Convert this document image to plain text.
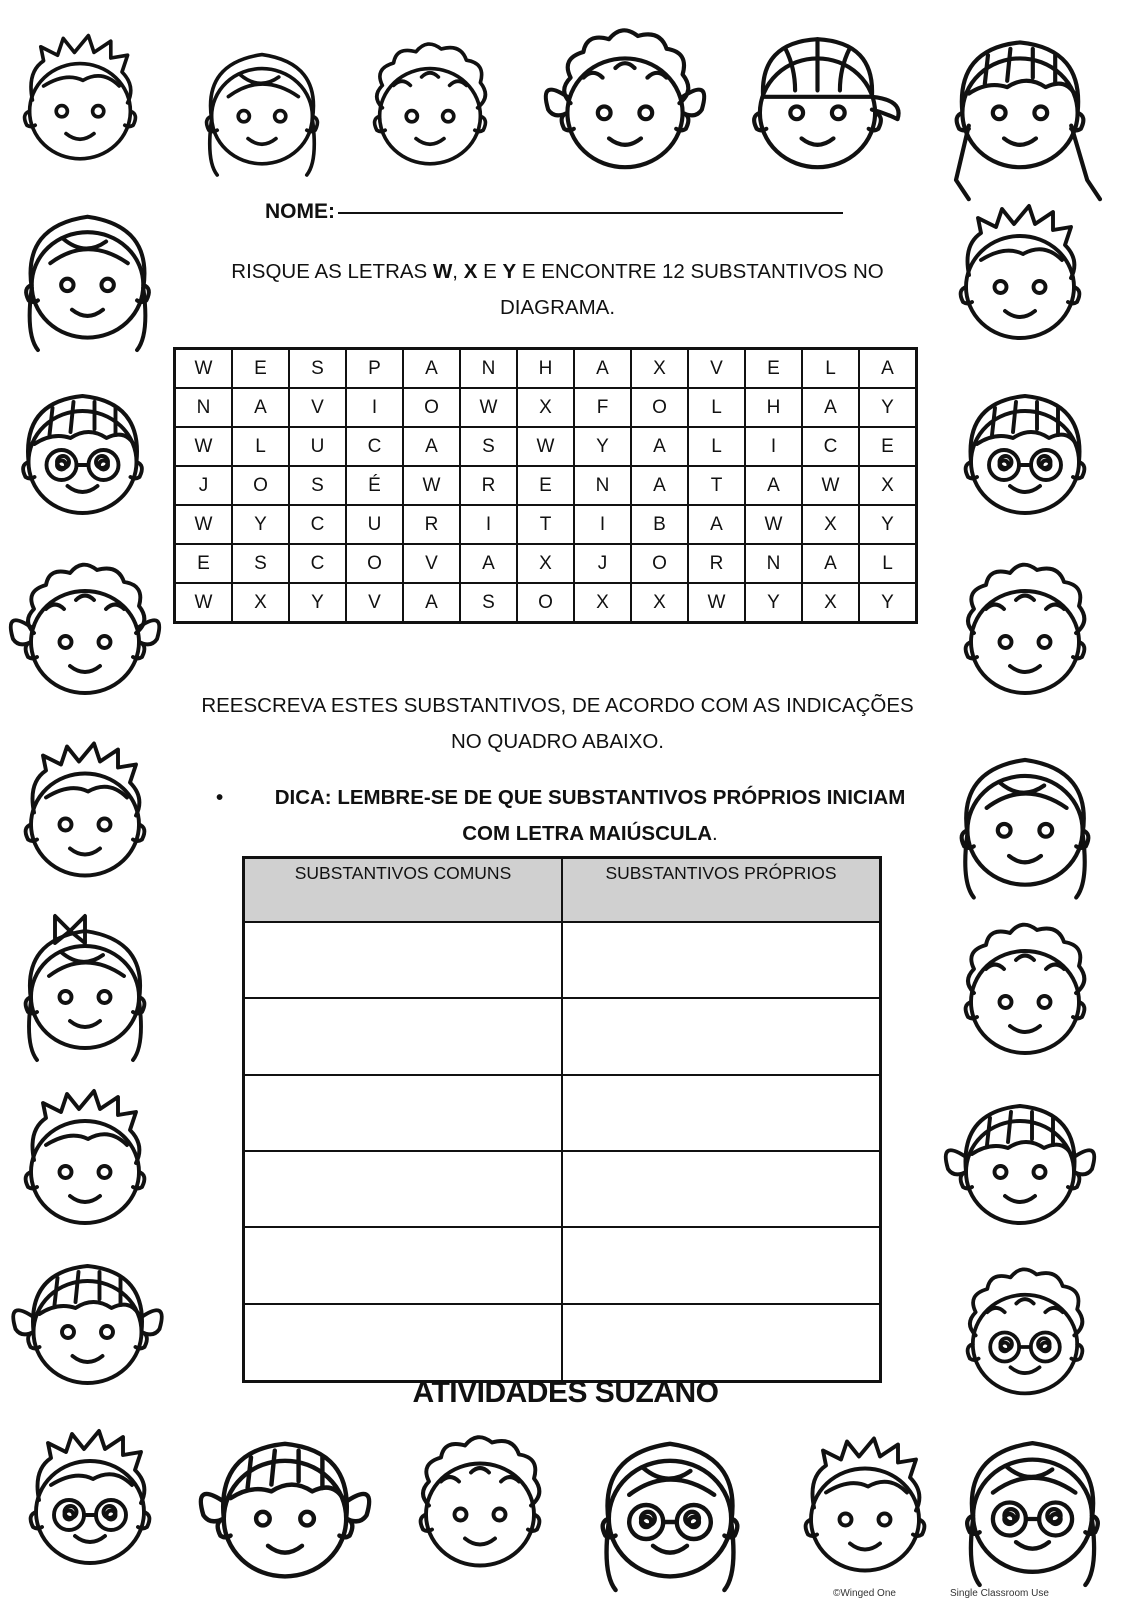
NOME:
RISQUE AS LETRAS W, X E Y E ENCONTRE 12 SUBSTANTIVOS NO DIAGRAMA.
W	E	S	P	A	N	H	A	X	V	E	L	A
N	A	V	I	O	W	X	F	O	L	H	A	Y
W	L	U	C	A	S	W	Y	A	L	I	C	E
J	O	S	É	W	R	E	N	A	T	A	W	X
W	Y	C	U	R	I	T	I	B	A	W	X	Y
E	S	C	O	V	A	X	J	O	R	N	A	L
W	X	Y	V	A	S	O	X	X	W	Y	X	Y
REESCREVA ESTES SUBSTANTIVOS, DE ACORDO COM AS INDICAÇÕES NO QUADRO ABAIXO.
•	DICA: LEMBRE-SE DE QUE SUBSTANTIVOS PRÓPRIOS INICIAM COM LETRA MAIÚSCULA.
SUBSTANTIVOS COMUNS	SUBSTANTIVOS PRÓPRIOS

ATIVIDADES SUZANO
©Winged One	Single Classroom Use
